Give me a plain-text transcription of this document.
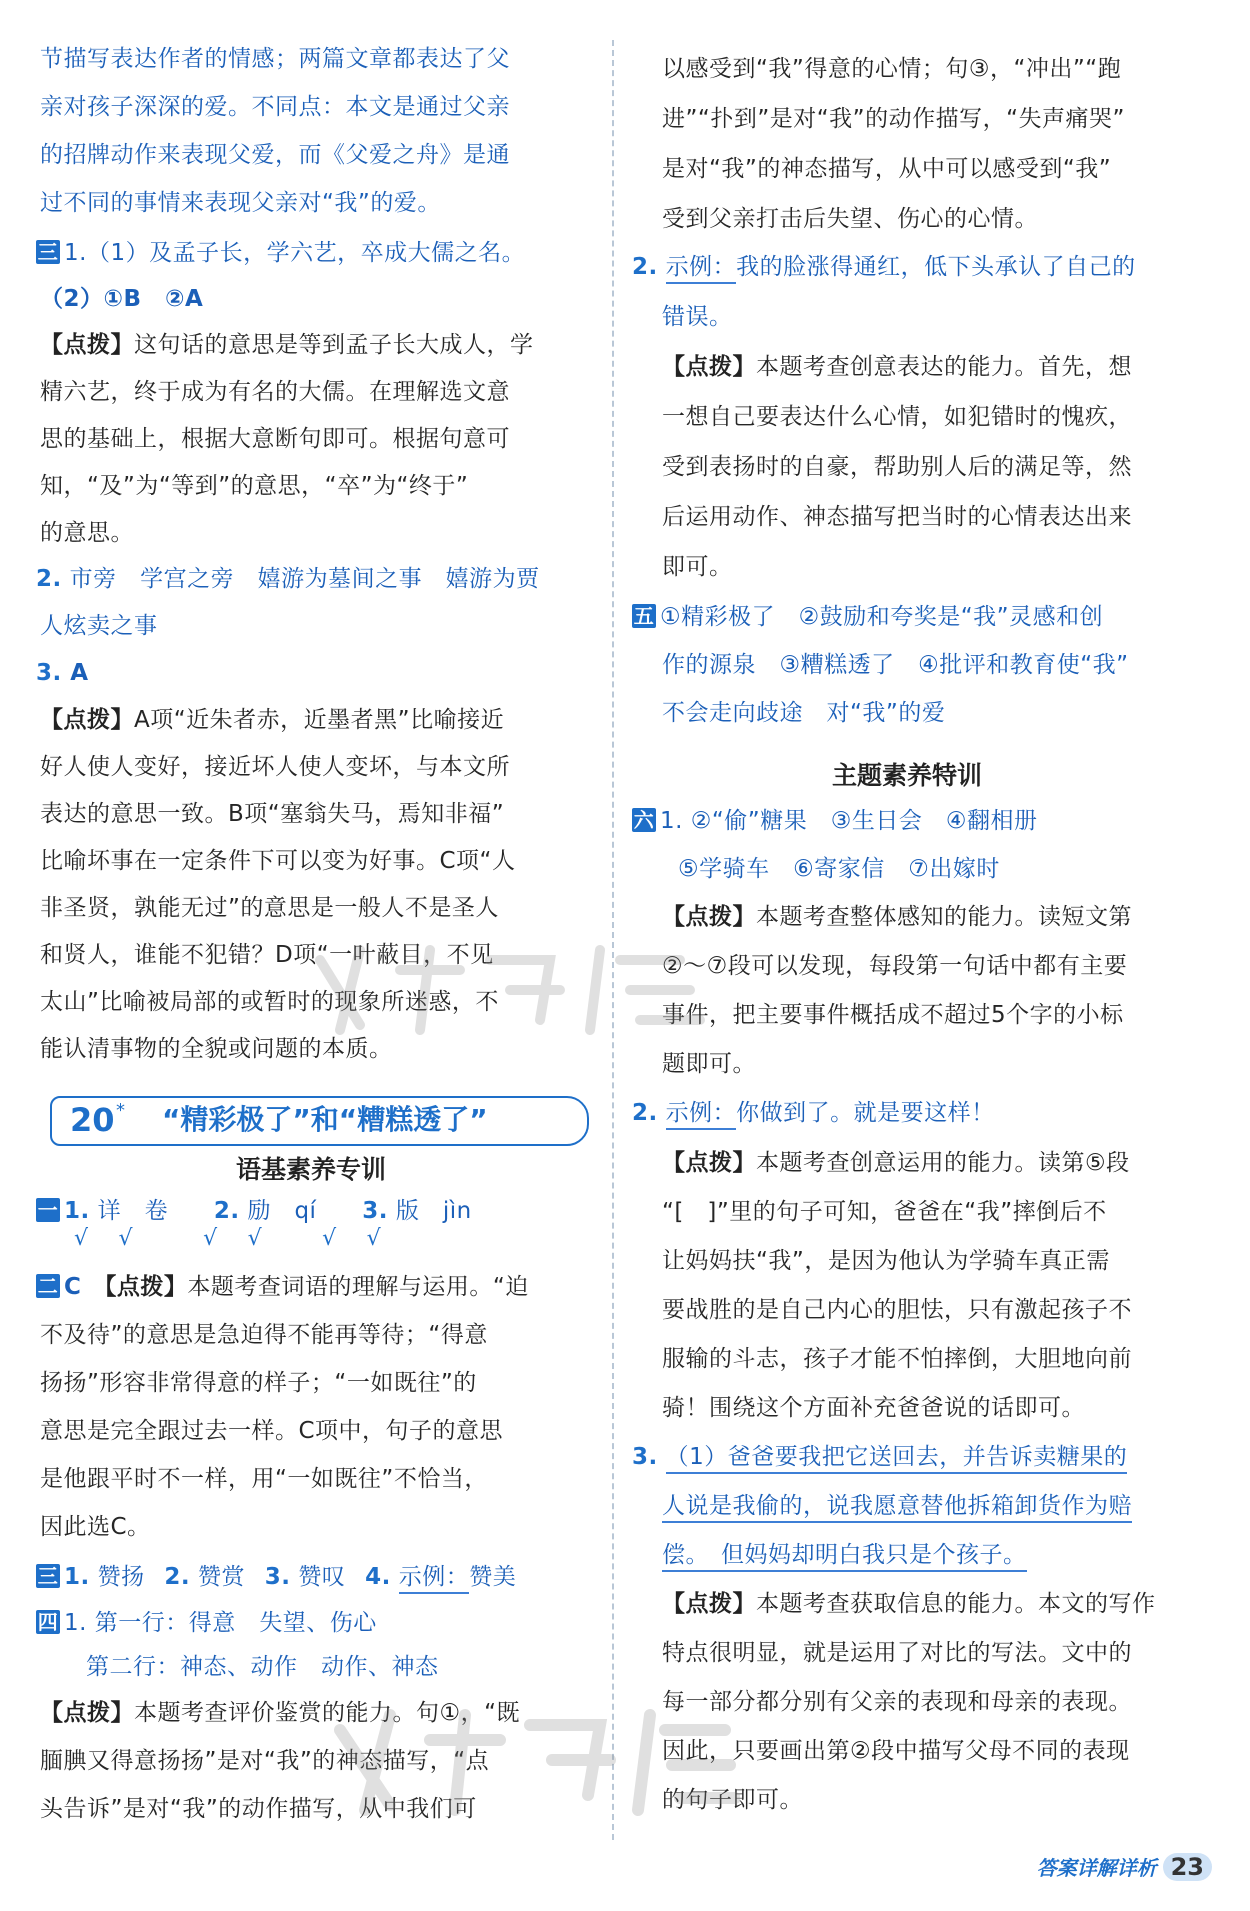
节描写表达作者的情感；两篇文章都表达了父
亲对孩子深深的爱。不同点：本文是通过父亲
的招牌动作来表现父爱，而《父爱之舟》是通
过不同的事情来表现父亲对“我”的爱。
三 1.（1）及孟子长，学六艺，卒成大儒之名。
（2）①B　②A
【点拨】这句话的意思是等到孟子长大成人，学
精六艺，终于成为有名的大儒。在理解选文意
思的基础上，根据大意断句即可。根据句意可
知，“及”为“等到”的意思，“卒”为“终于”
的意思。
2. 市旁　学宫之旁　嬉游为墓间之事　嬉游为贾
人炫卖之事
3. A
【点拨】A项“近朱者赤，近墨者黑”比喻接近
好人使人变好，接近坏人使人变坏，与本文所
表达的意思一致。B项“塞翁失马，焉知非福”
比喻坏事在一定条件下可以变为好事。C项“人
非圣贤，孰能无过”的意思是一般人不是圣人
和贤人，谁能不犯错？D项“一叶蔽目，不见
太山”比喻被局部的或暂时的现象所迷惑，不
能认清事物的全貌或问题的本质。
20 * “精彩极了”和“糟糕透了”
语基素养专训
一 1. 详　卷 2. 励　qí 3. 版　jìn
√ √	√ √	√ √
二 C　 【点拨】本题考查词语的理解与运用。“迫
不及待”的意思是急迫得不能再等待；“得意
扬扬”形容非常得意的样子；“一如既往”的
意思是完全跟过去一样。C项中，句子的意思
是他跟平时不一样，用“一如既往”不恰当，
因此选C。
三 1. 赞扬 2. 赞赏 3. 赞叹 4. 示例：赞美
四 1. 第一行：得意　失望、伤心
第二行：神态、动作　动作、神态
【点拨】本题考查评价鉴赏的能力。句①，“既
腼腆又得意扬扬”是对“我”的神态描写，“点
头告诉”是对“我”的动作描写，从中我们可
以感受到“我”得意的心情；句③，“冲出”“跑
进”“扑到”是对“我”的动作描写，“失声痛哭”
是对“我”的神态描写，从中可以感受到“我”
受到父亲打击后失望、伤心的心情。
2. 示例：我的脸涨得通红，低下头承认了自己的
错误。
【点拨】本题考查创意表达的能力。首先，想
一想自己要表达什么心情，如犯错时的愧疚，
受到表扬时的自豪，帮助别人后的满足等，然
后运用动作、神态描写把当时的心情表达出来
即可。
五 ①精彩极了　②鼓励和夸奖是“我”灵感和创
作的源泉　③糟糕透了　④批评和教育使“我”
不会走向歧途　对“我”的爱
主题素养特训
六 1. ②“偷”糖果　③生日会　④翻相册
⑤学骑车　⑥寄家信　⑦出嫁时
【点拨】本题考查整体感知的能力。读短文第
②～⑦段可以发现，每段第一句话中都有主要
事件，把主要事件概括成不超过5个字的小标
题即可。
2. 示例：你做到了。就是要这样！
【点拨】本题考查创意运用的能力。读第⑤段
“[　]”里的句子可知，爸爸在“我”摔倒后不
让妈妈扶“我”，是因为他认为学骑车真正需
要战胜的是自己内心的胆怯，只有激起孩子不
服输的斗志，孩子才能不怕摔倒，大胆地向前
骑！围绕这个方面补充爸爸说的话即可。
3. （1）爸爸要我把它送回去，并告诉卖糖果的
人说是我偷的，说我愿意替他拆箱卸货作为赔
偿。　但妈妈却明白我只是个孩子。
【点拨】本题考查获取信息的能力。本文的写作
特点很明显，就是运用了对比的写法。文中的
每一部分都分别有父亲的表现和母亲的表现。
因此，只要画出第②段中描写父母不同的表现
的句子即可。
答案详解详析 23
